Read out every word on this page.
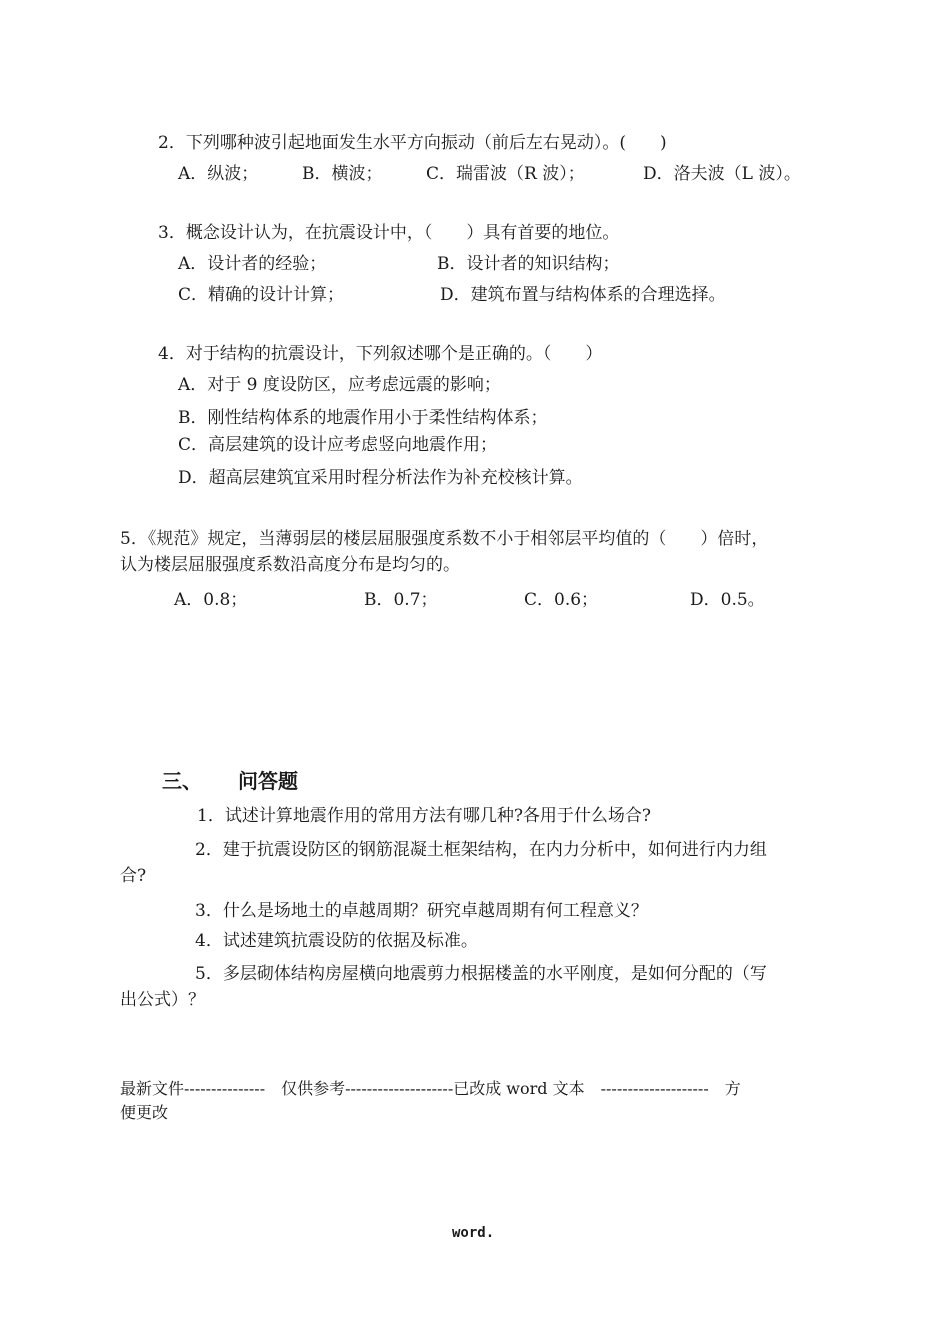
2．下列哪种波引起地面发生水平方向振动（前后左右晃动）。(　　)
A．纵波；	B．横波；	C．瑞雷波（R 波）；	D．洛夫波（L 波）。
3．概念设计认为，在抗震设计中，（　　）具有首要的地位。
A．设计者的经验；	B．设计者的知识结构；
C．精确的设计计算；	D．建筑布置与结构体系的合理选择。
4．对于结构的抗震设计，下列叙述哪个是正确的。（　　）
A．对于 9 度设防区，应考虑远震的影响；
B．刚性结构体系的地震作用小于柔性结构体系；
C．高层建筑的设计应考虑竖向地震作用；
D．超高层建筑宜采用时程分析法作为补充校核计算。
5．《规范》规定，当薄弱层的楼层屈服强度系数不小于相邻层平均值的（　　）倍时，
认为楼层屈服强度系数沿高度分布是均匀的。
A．0.8；	B．0.7；	C．0.6；	D．0.5。
三、 问答题
1．试述计算地震作用的常用方法有哪几种?各用于什么场合?
2．建于抗震设防区的钢筋混凝土框架结构，在内力分析中，如何进行内力组
合?
3．什么是场地土的卓越周期？研究卓越周期有何工程意义？
4．试述建筑抗震设防的依据及标准。
5．多层砌体结构房屋横向地震剪力根据楼盖的水平刚度，是如何分配的（写
出公式）？
最新文件---------------　仅供参考--------------------已改成 word 文本　--------------------　方
便更改
word.
